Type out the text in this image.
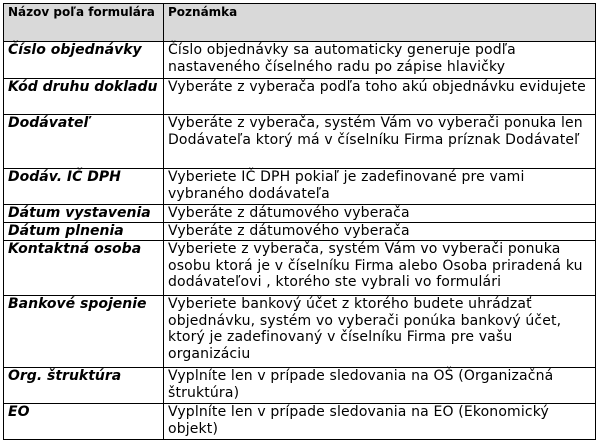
Názov poľa formulára	Poznámka
Číslo objednávky	Číslo objednávky sa automaticky generuje podľa nastaveného číselného radu po zápise hlavičky
Kód druhu dokladu	Vyberáte z vyberača podľa toho akú objednávku evidujete
Dodávateľ	Vyberáte z vyberača, systém Vám vo vyberači ponuka len Dodávateľa ktorý má v číselníku Firma príznak Dodávateľ
Dodáv. IČ DPH	Vyberiete IČ DPH pokiaľ je zadefinované pre vami vybraného dodávateľa
Dátum vystavenia	Vyberáte z dátumového vyberača
Dátum plnenia	Vyberáte z dátumového vyberača
Kontaktná osoba	Vyberiete z vyberača, systém Vám vo vyberači ponuka osobu ktorá je v číselníku Firma alebo Osoba priradená ku dodávateľovi , ktorého ste vybrali vo formulári
Bankové spojenie	Vyberiete bankový účet z ktorého budete uhrádzať objednávku, systém vo vyberači ponúka bankový účet, ktorý je zadefinovaný v číselníku Firma pre vašu organizáciu
Org. štruktúra	Vyplníte len v prípade sledovania na OŠ (Organizačná štruktúra)
EO	Vyplníte len v prípade sledovania na EO (Ekonomický objekt)
